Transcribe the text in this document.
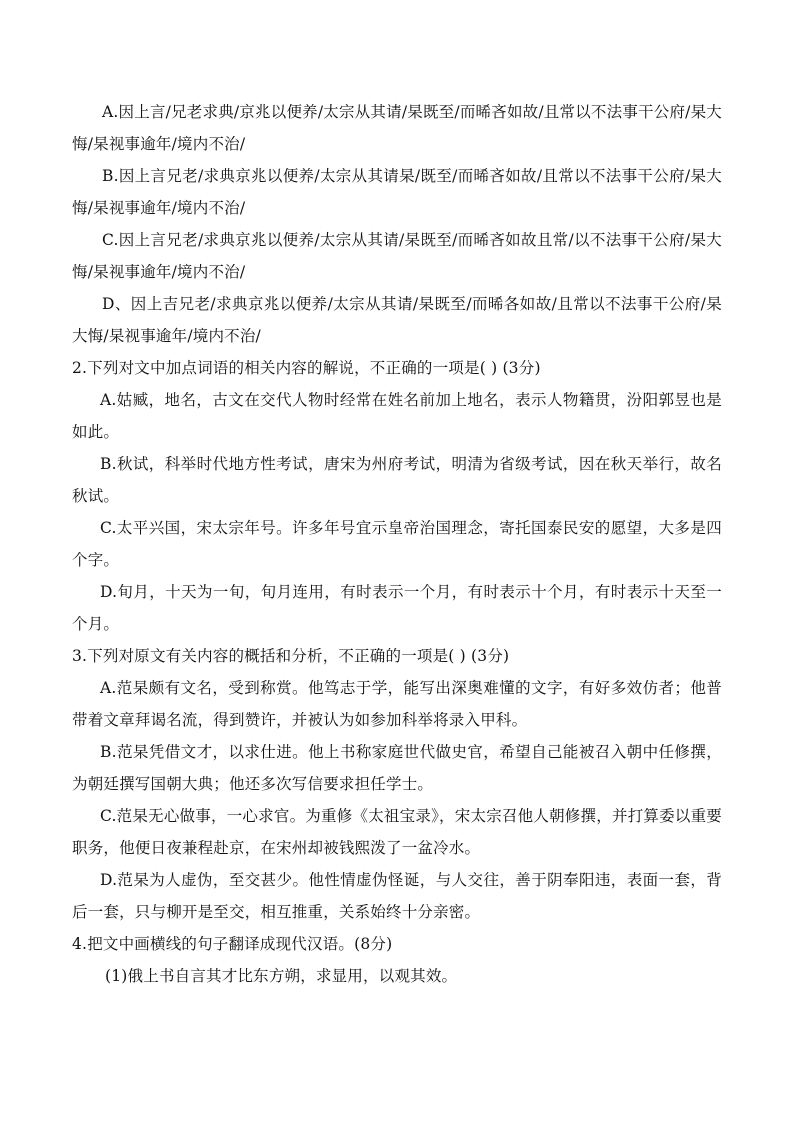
A.因上言/兄老求典/京兆以便养/太宗从其请/杲既至/而晞吝如故/且常以不法事干公府/杲大悔/杲视事逾年/境内不治/

B.因上言兄老/求典京兆以便养/太宗从其请杲/既至/而晞吝如故/且常以不法事干公府/杲大悔/杲视事逾年/境内不治/

C.因上言兄老/求典京兆以便养/太宗从其请/杲既至/而晞吝如故且常/以不法事干公府/杲大悔/杲视事逾年/境内不治/

D、因上吉兄老/求典京兆以便养/太宗从其请/杲既至/而晞各如故/且常以不法事干公府/杲大悔/杲视事逾年/境内不治/

2.下列对文中加点词语的相关内容的解说，不正确的一项是( ) (3分)

A.姑臧，地名，古文在交代人物时经常在姓名前加上地名，表示人物籍贯，汾阳郭昱也是如此。

B.秋试，科举时代地方性考试，唐宋为州府考试，明清为省级考试，因在秋天举行，故名秋试。

C.太平兴国，宋太宗年号。许多年号宜示皇帝治国理念，寄托国泰民安的愿望，大多是四个字。

D.旬月，十天为一旬，旬月连用，有时表示一个月，有时表示十个月，有时表示十天至一个月。

3.下列对原文有关内容的概括和分析，不正确的一项是( ) (3分)

A.范杲颇有文名，受到称赏。他笃志于学，能写出深奥难懂的文字，有好多效仿者；他普带着文章拜谒名流，得到赞许，并被认为如参加科举将录入甲科。

B.范杲凭借文才，以求仕进。他上书称家庭世代做史官，希望自己能被召入朝中任修撰，为朝廷撰写国朝大典；他还多次写信要求担任学士。

C.范杲无心做事，一心求官。为重修《太祖宝录》，宋太宗召他人朝修撰，并打算委以重要职务，他便日夜兼程赴京，在宋州却被钱熙泼了一盆冷水。

D.范杲为人虚伪，至交甚少。他性情虚伪怪诞，与人交往，善于阴奉阳违，表面一套，背后一套，只与柳开是至交，相互推重，关系始终十分亲密。

4.把文中画横线的句子翻译成现代汉语。(8分)

(1)俄上书自言其才比东方朔，求显用，以观其效。
